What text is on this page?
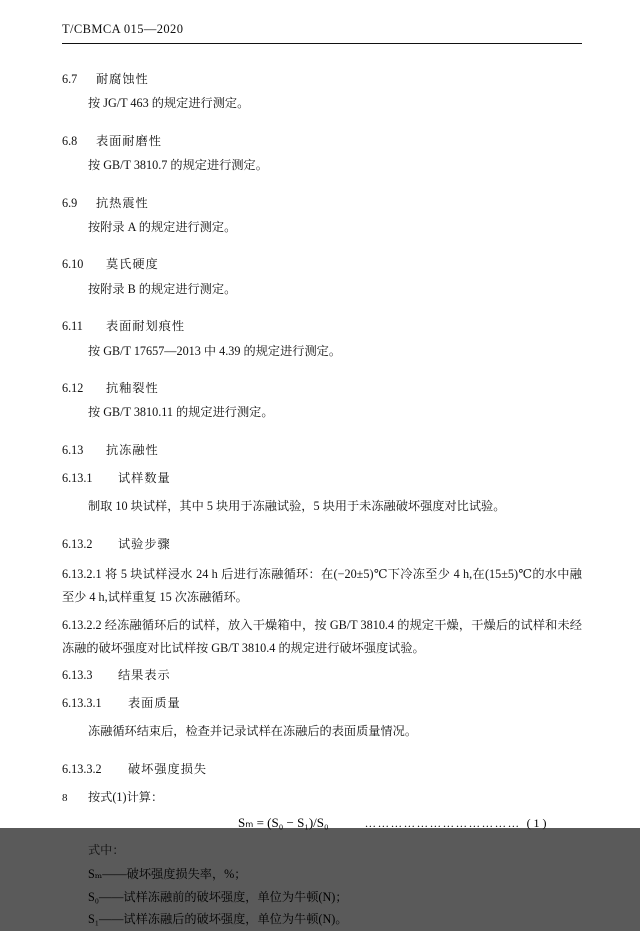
T/CBMCA 015—2020
6.7 耐腐蚀性
按 JG/T 463 的规定进行测定。
6.8 表面耐磨性
按 GB/T 3810.7 的规定进行测定。
6.9 抗热震性
按附录 A 的规定进行测定。
6.10 莫氏硬度
按附录 B 的规定进行测定。
6.11 表面耐划痕性
按 GB/T 17657—2013 中 4.39 的规定进行测定。
6.12 抗釉裂性
按 GB/T 3810.11 的规定进行测定。
6.13 抗冻融性
6.13.1 试样数量
制取 10 块试样，其中 5 块用于冻融试验，5 块用于未冻融破坏强度对比试验。
6.13.2 试验步骤
6.13.2.1 将 5 块试样浸水 24 h 后进行冻融循环：在(−20±5)℃下冷冻至少 4 h,在(15±5)℃的水中融至少 4 h,试样重复 15 次冻融循环。
6.13.2.2 经冻融循环后的试样，放入干燥箱中，按 GB/T 3810.4 的规定干燥，干燥后的试样和未经冻融的破坏强度对比试样按 GB/T 3810.4 的规定进行破坏强度试验。
6.13.3 结果表示
6.13.3.1 表面质量
冻融循环结束后，检查并记录试样在冻融后的表面质量情况。
6.13.3.2 破坏强度损失
按式(1)计算：
Sₘ = (S₀ − S₁)/S₀	……………………………… ( 1 )
式中：
Sₘ——破坏强度损失率，%；
S₀——试样冻融前的破坏强度，单位为牛顿(N)；
S₁——试样冻融后的破坏强度，单位为牛顿(N)。
8
